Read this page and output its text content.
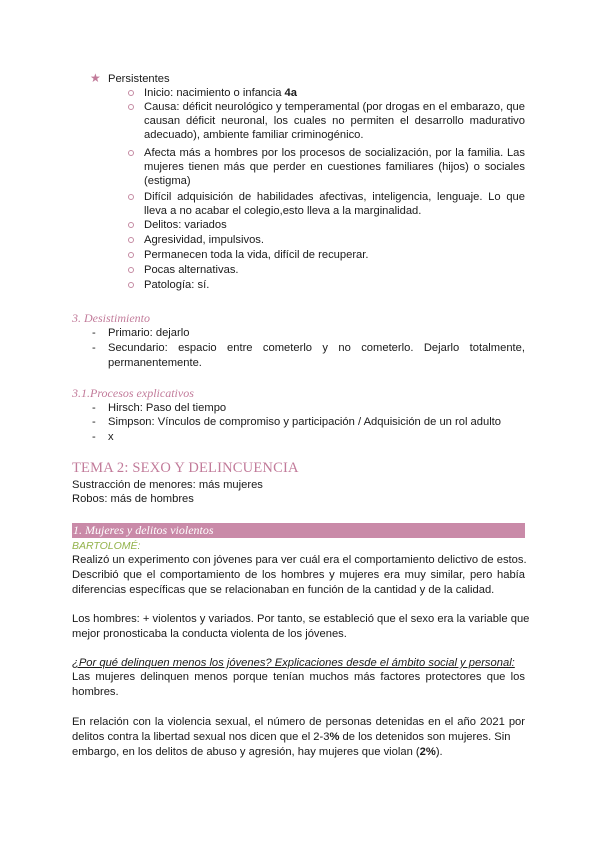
★ Persistentes
Inicio: nacimiento o infancia 4a
Causa: déficit neurológico y temperamental (por drogas en el embarazo, que
causan déficit neuronal, los cuales no permiten el desarrollo madurativo
adecuado), ambiente familiar criminogénico.
Afecta más a hombres por los procesos de socialización, por la familia. Las
mujeres tienen más que perder en cuestiones familiares (hijos) o sociales
(estigma)
Difícil adquisición de habilidades afectivas, inteligencia, lenguaje. Lo que
lleva a no acabar el colegio,esto lleva a la marginalidad.
Delitos: variados
Agresividad, impulsivos.
Permanecen toda la vida, difícil de recuperar.
Pocas alternativas.
Patología: sí.
3. Desistimiento
- Primario: dejarlo
- Secundario: espacio entre cometerlo y no cometerlo. Dejarlo totalmente,
permanentemente.
3.1.Procesos explicativos
- Hirsch: Paso del tiempo
- Simpson: Vínculos de compromiso y participación / Adquisición de un rol adulto
- x
TEMA 2: SEXO Y DELINCUENCIA
Sustracción de menores: más mujeres
Robos: más de hombres
1. Mujeres y delitos violentos
BARTOLOMÉ:
Realizó un experimento con jóvenes para ver cuál era el comportamiento delictivo de estos.
Describió que el comportamiento de los hombres y mujeres era muy similar, pero había
diferencias específicas que se relacionaban en función de la cantidad y de la calidad.
Los hombres: + violentos y variados. Por tanto, se estableció que el sexo era la variable que
mejor pronosticaba la conducta violenta de los jóvenes.
¿Por qué delinquen menos los jóvenes? Explicaciones desde el ámbito social y personal:
Las mujeres delinquen menos porque tenían muchos más factores protectores que los
hombres.
En relación con la violencia sexual, el número de personas detenidas en el año 2021 por
delitos contra la libertad sexual nos dicen que el 2-3% de los detenidos son mujeres. Sin
embargo, en los delitos de abuso y agresión, hay mujeres que violan (2%).
